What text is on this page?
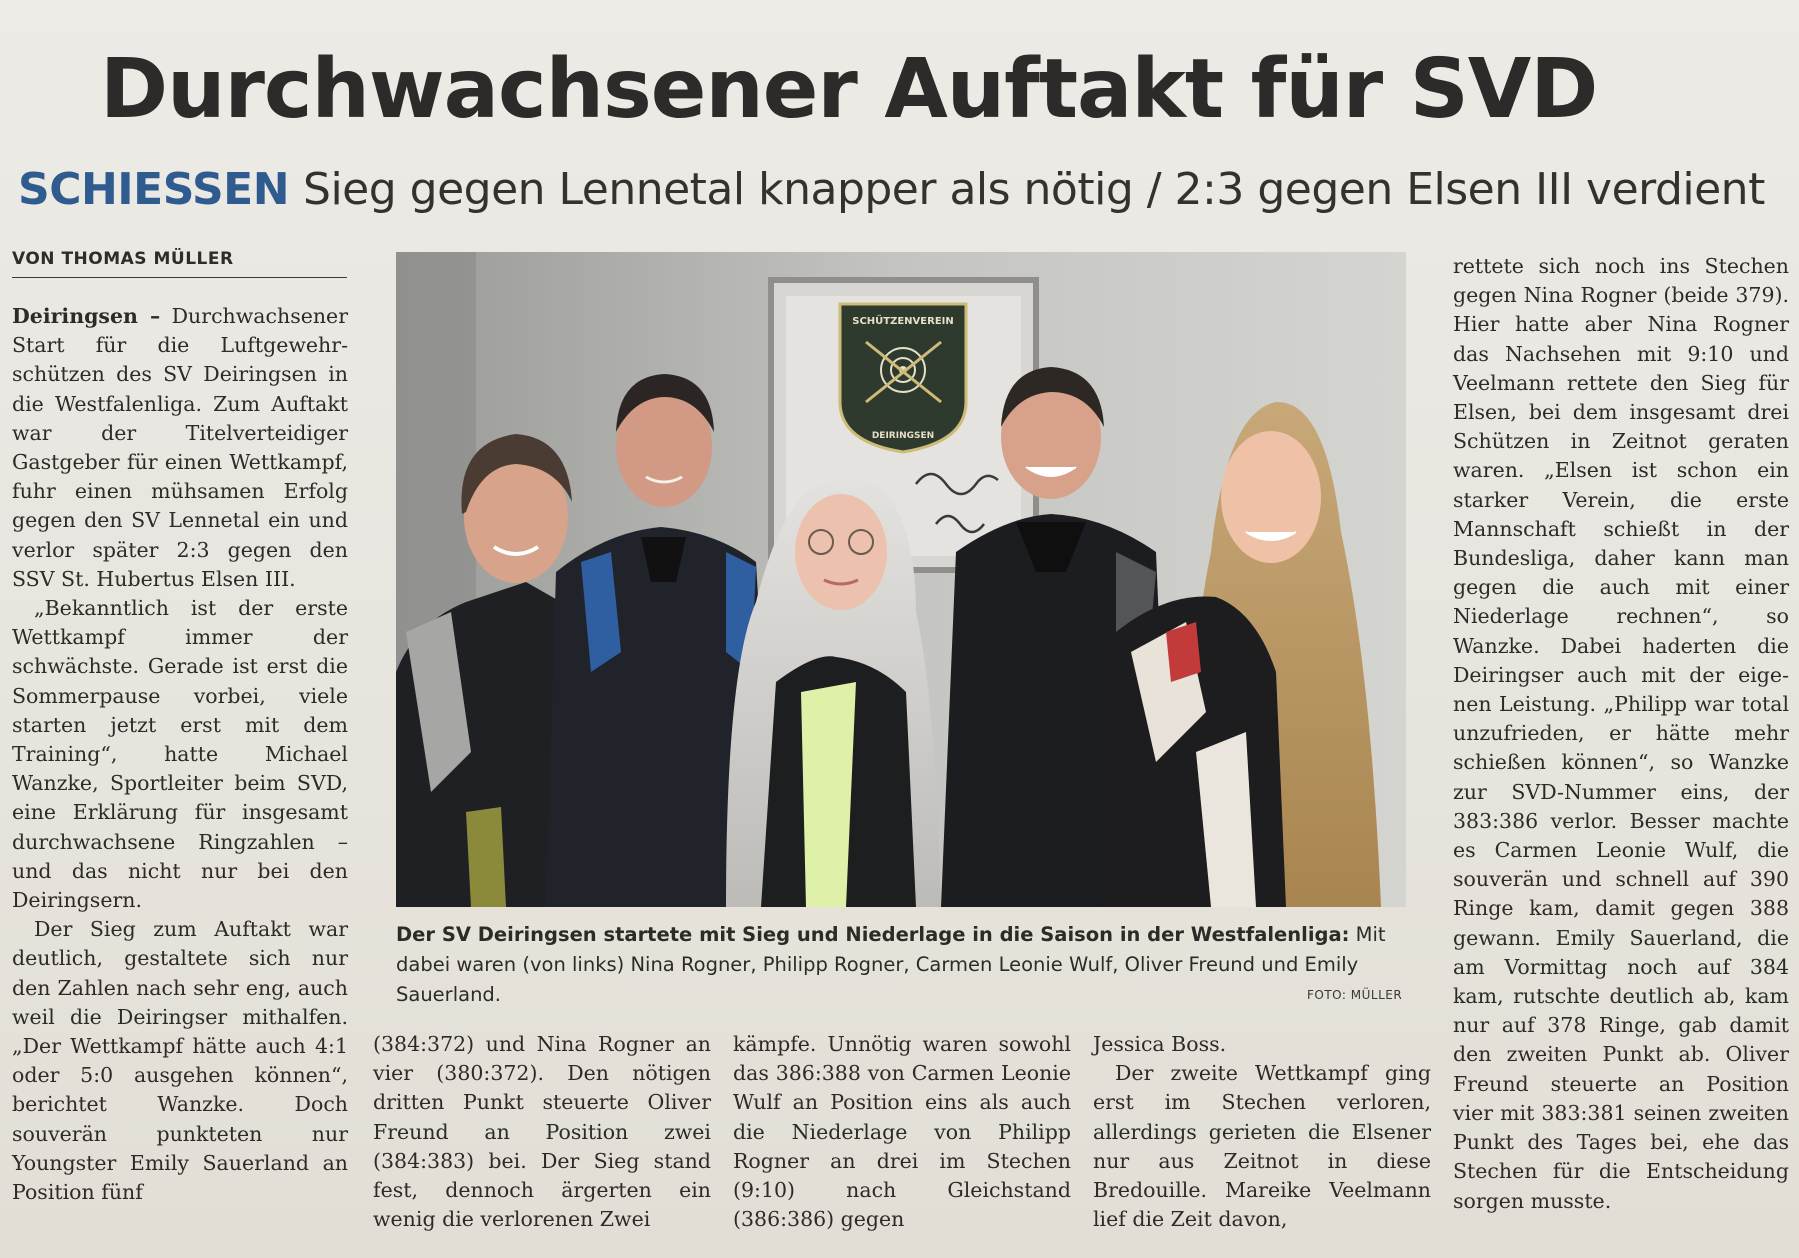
Durchwachsener Auftakt für SVD
SCHIESSEN Sieg gegen Lennetal knapper als nötig / 2:3 gegen Elsen III verdient
VON THOMAS MÜLLER

Deiringsen – Durchwachsener Start für die Luftgewehrschützen des SV Deiringsen in die Westfalenliga. Zum Auftakt war der Titelverteidiger Gastgeber für einen Wettkampf, fuhr einen mühsamen Erfolg gegen den SV Lennetal ein und verlor später 2:3 gegen den SSV St. Hubertus Elsen III.

„Bekanntlich ist der erste Wettkampf immer der schwächste. Gerade ist erst die Sommerpause vorbei, viele starten jetzt erst mit dem Training“, hatte Michael Wanzke, Sportleiter beim SVD, eine Erklärung für insgesamt durchwachsene Ringzahlen – und das nicht nur bei den Deiringsern.

Der Sieg zum Auftakt war deutlich, gestaltete sich nur den Zahlen nach sehr eng, auch weil die Deiringser mithalfen. „Der Wettkampf hätte auch 4:1 oder 5:0 ausgehen können“, berichtet Wanzke. Doch souverän punkteten nur Youngster Emily Sauerland an Position fünf

SCHÜTZENVEREIN
DEIRINGSEN
Der SV Deiringsen startete mit Sieg und Niederlage in die Saison in der Westfalenliga: Mit dabei waren (von links) Nina Rogner, Philipp Rogner, Carmen Leonie Wulf, Oliver Freund und Emily Sauerland.	FOTO: MÜLLER

(384:372) und Nina Rogner an vier (380:372). Den nötigen dritten Punkt steuerte Oliver Freund an Position zwei (384:383) bei. Der Sieg stand fest, dennoch ärgerten ein wenig die verlorenen Zwei

kämpfe. Unnötig waren sowohl das 386:388 von Carmen Leonie Wulf an Position eins als auch die Niederlage von Philipp Rogner an drei im Stechen (9:10) nach Gleichstand (386:386) gegen

Jessica Boss.

Der zweite Wettkampf ging erst im Stechen verloren, allerdings gerieten die Elsener nur aus Zeitnot in diese Bredouille. Mareike Veelmann lief die Zeit davon,

rettete sich noch ins Stechen gegen Nina Rogner (beide 379). Hier hatte aber Nina Rogner das Nachsehen mit 9:10 und Veelmann rettete den Sieg für Elsen, bei dem insgesamt drei Schützen in Zeitnot geraten waren. „Elsen ist schon ein starker Verein, die erste Mannschaft schießt in der Bundesliga, daher kann man gegen die auch mit einer Niederlage rechnen“, so Wanzke. Dabei haderten die Deiringser auch mit der eigenen Leistung. „Philipp war total unzufrieden, er hätte mehr schießen können“, so Wanzke zur SVD-Nummer eins, der 383:386 verlor. Besser machte es Carmen Leonie Wulf, die souverän und schnell auf 390 Ringe kam, damit gegen 388 gewann. Emily Sauerland, die am Vormittag noch auf 384 kam, rutschte deutlich ab, kam nur auf 378 Ringe, gab damit den zweiten Punkt ab. Oliver Freund steuerte an Position vier mit 383:381 seinen zweiten Punkt des Tages bei, ehe das Stechen für die Entscheidung sorgen musste.
